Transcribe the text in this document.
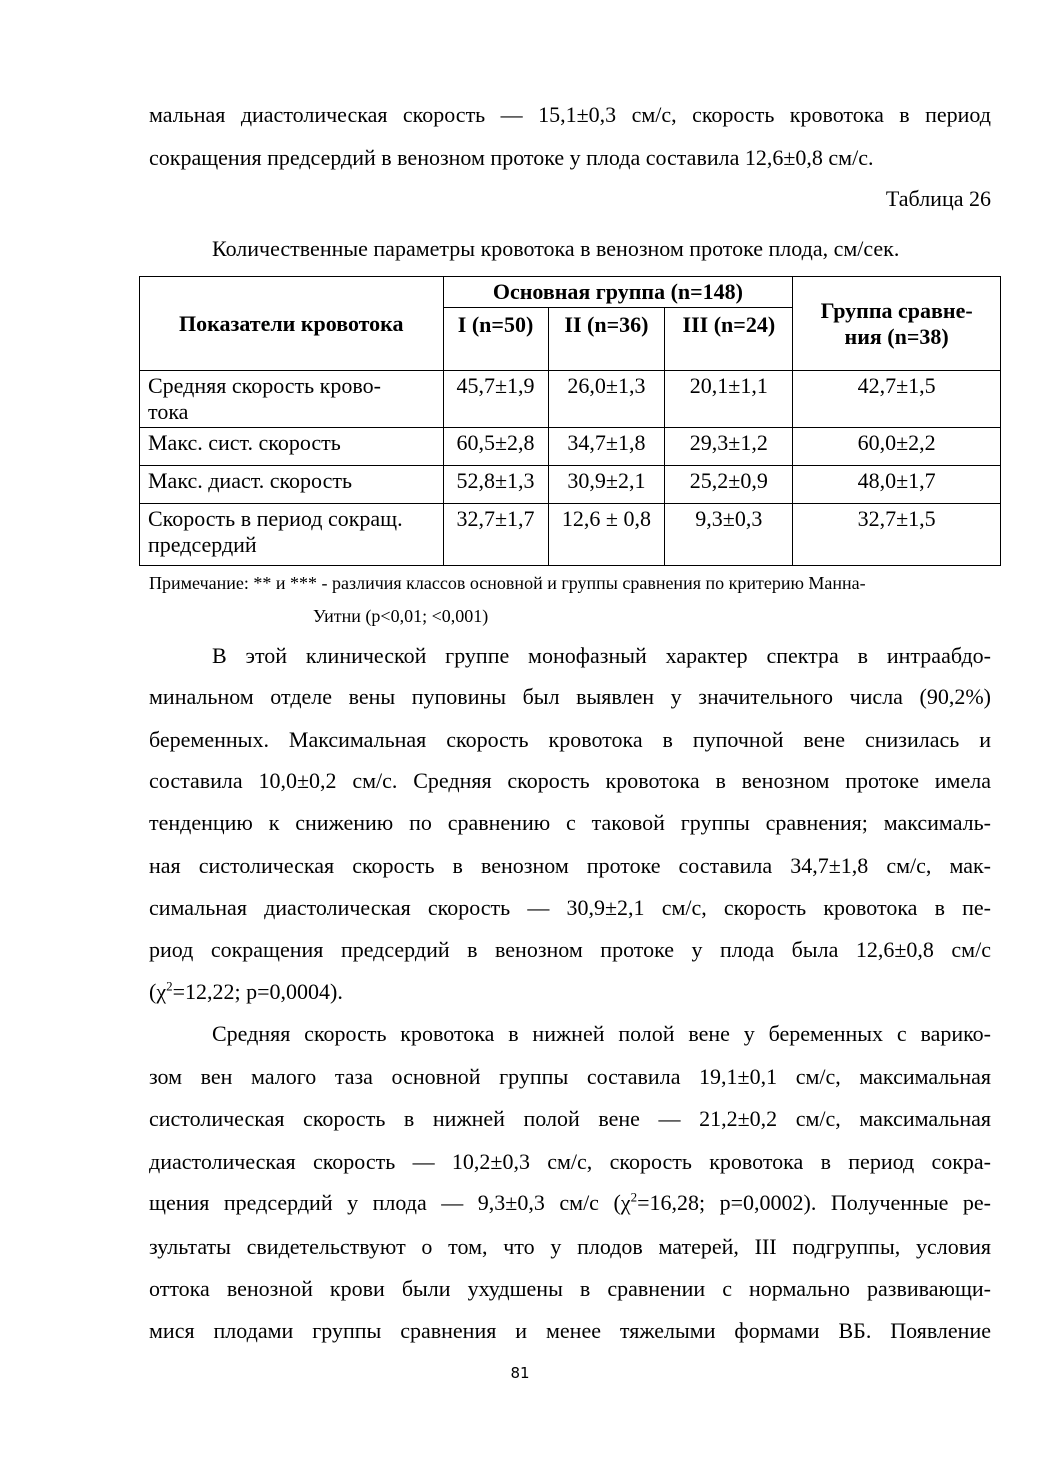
мальная диастолическая скорость — 15,1±0,3 см/с, скорость кровотока в период
сокращения предсердий в венозном протоке у плода составила 12,6±0,8 см/с.
Таблица 26
Количественные параметры кровотока в венозном протоке плода, см/сек.
Показатели кровотока	Основная группа (n=148)			Группа сравне-
ния (n=38)
	I (n=50)	II (n=36)	III (n=24)	
Средняя скорость крово-
тока	45,7±1,9	26,0±1,3	20,1±1,1	42,7±1,5
Макс. сист. скорость	60,5±2,8	34,7±1,8	29,3±1,2	60,0±2,2
Макс. диаст. скорость	52,8±1,3	30,9±2,1	25,2±0,9	48,0±1,7
Скорость в период сокращ.
предсердий	32,7±1,7	12,6 ± 0,8	9,3±0,3	32,7±1,5
Примечание: ** и *** - различия классов основной и группы сравнения по критерию Манна-
Уитни (p<0,01; <0,001)
В этой клинической группе монофазный характер спектра в интраабдо-
минальном отделе вены пуповины был выявлен у значительного числа (90,2%)
беременных. Максимальная скорость кровотока в пупочной вене снизилась и
составила 10,0±0,2 см/с. Средняя скорость кровотока в венозном протоке имела
тенденцию к снижению по сравнению с таковой группы сравнения; максималь-
ная систолическая скорость в венозном протоке составила 34,7±1,8 см/с, мак-
симальная диастолическая скорость — 30,9±2,1 см/с, скорость кровотока в пе-
риод сокращения предсердий в венозном протоке у плода была 12,6±0,8 см/с
($\chi^2=12,22$; p=0,0004).
Средняя скорость кровотока в нижней полой вене у беременных с варико-
зом вен малого таза основной группы составила 19,1±0,1 см/с, максимальная
систолическая скорость в нижней полой вене — 21,2±0,2 см/с, максимальная
диастолическая скорость — 10,2±0,3 см/с, скорость кровотока в период сокра-
щения предсердий у плода — 9,3±0,3 см/с ($\chi^2=16,28$; p=0,0002). Полученные ре-
зультаты свидетельствуют о том, что у плодов матерей, III подгруппы, условия
оттока венозной крови были ухудшены в сравнении с нормально развивающи-
мися плодами группы сравнения и менее тяжелыми формами ВБ. Появление
81
